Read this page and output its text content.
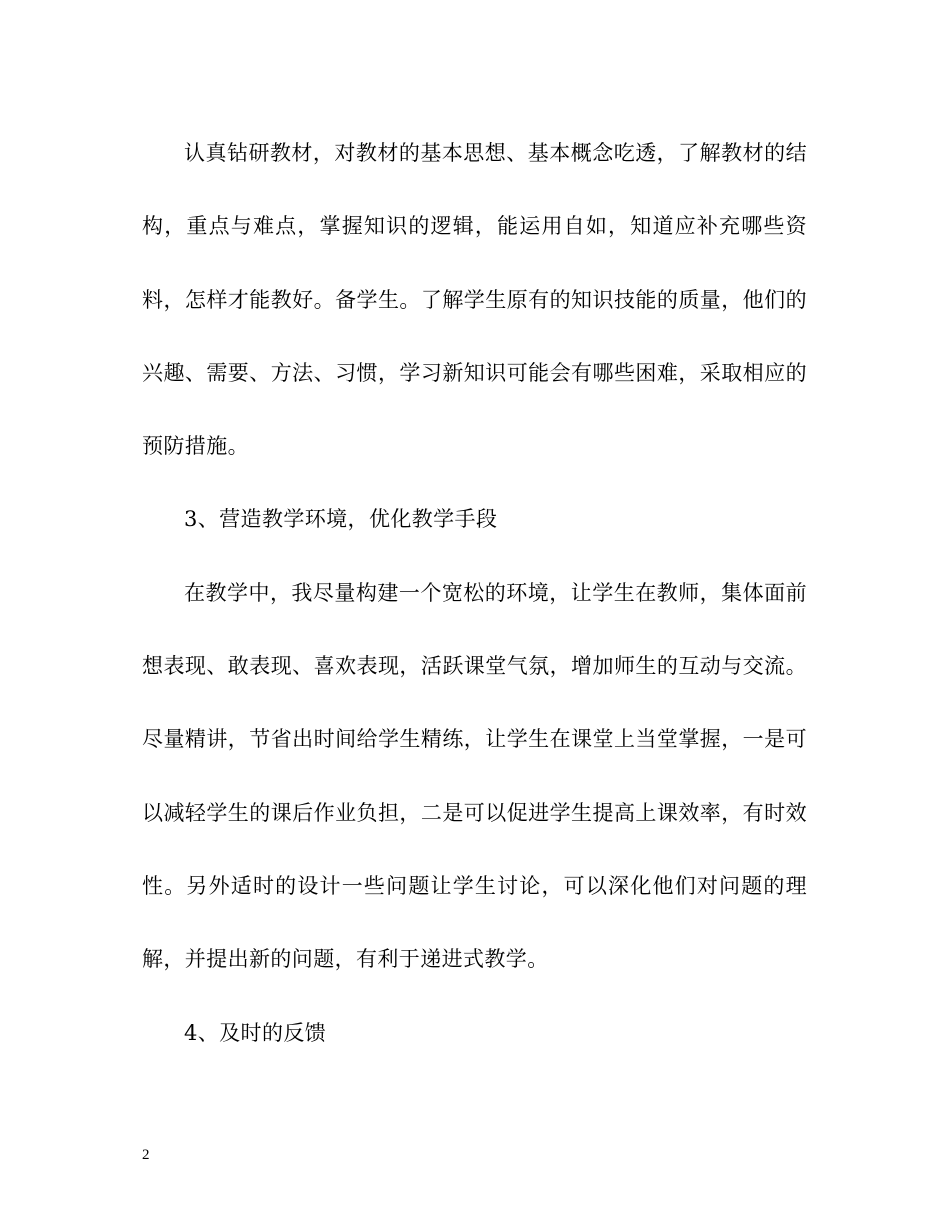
认真钻研教材，对教材的基本思想、基本概念吃透，了解教材的结构，重点与难点，掌握知识的逻辑，能运用自如，知道应补充哪些资料，怎样才能教好。备学生。了解学生原有的知识技能的质量，他们的兴趣、需要、方法、习惯，学习新知识可能会有哪些困难，采取相应的预防措施。

3、营造教学环境，优化教学手段

在教学中，我尽量构建一个宽松的环境，让学生在教师，集体面前想表现、敢表现、喜欢表现，活跃课堂气氛，增加师生的互动与交流。尽量精讲，节省出时间给学生精练，让学生在课堂上当堂掌握，一是可以减轻学生的课后作业负担，二是可以促进学生提高上课效率，有时效性。另外适时的设计一些问题让学生讨论，可以深化他们对问题的理解，并提出新的问题，有利于递进式教学。

4、及时的反馈

2
